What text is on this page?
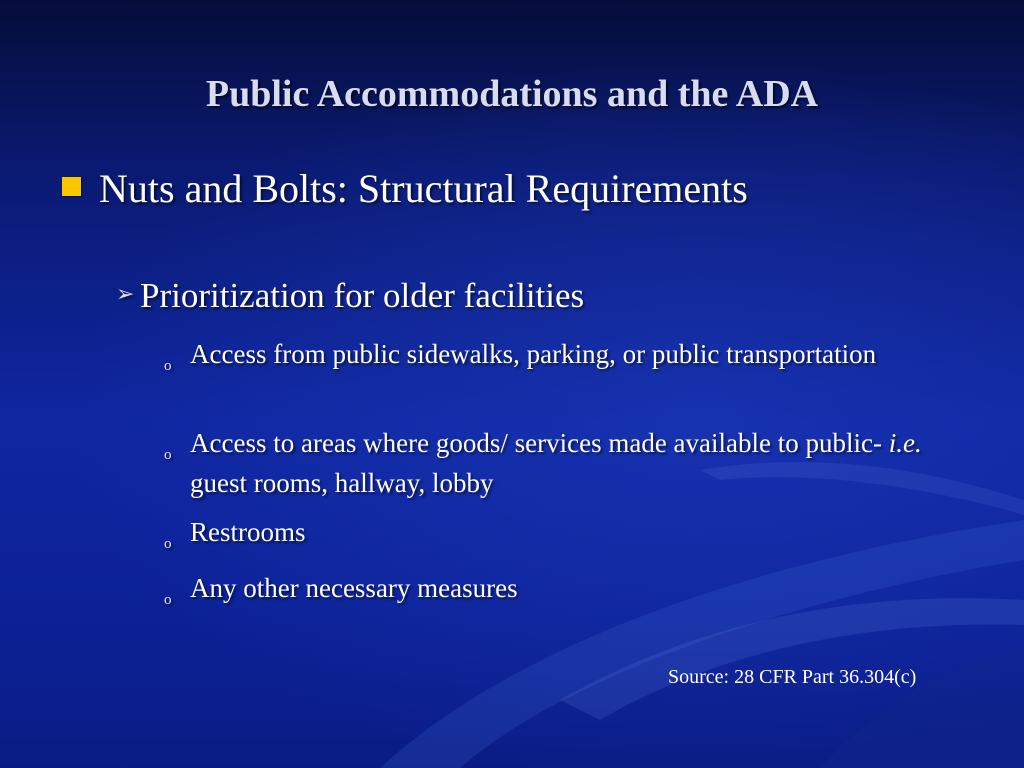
Public Accommodations and the ADA
Nuts and Bolts: Structural Requirements
➢ Prioritization for older facilities
o Access from public sidewalks, parking, or public transportation
o Access to areas where goods/ services made available to public- i.e. guest rooms, hallway, lobby
o Restrooms
o Any other necessary measures
Source: 28 CFR Part 36.304(c)
